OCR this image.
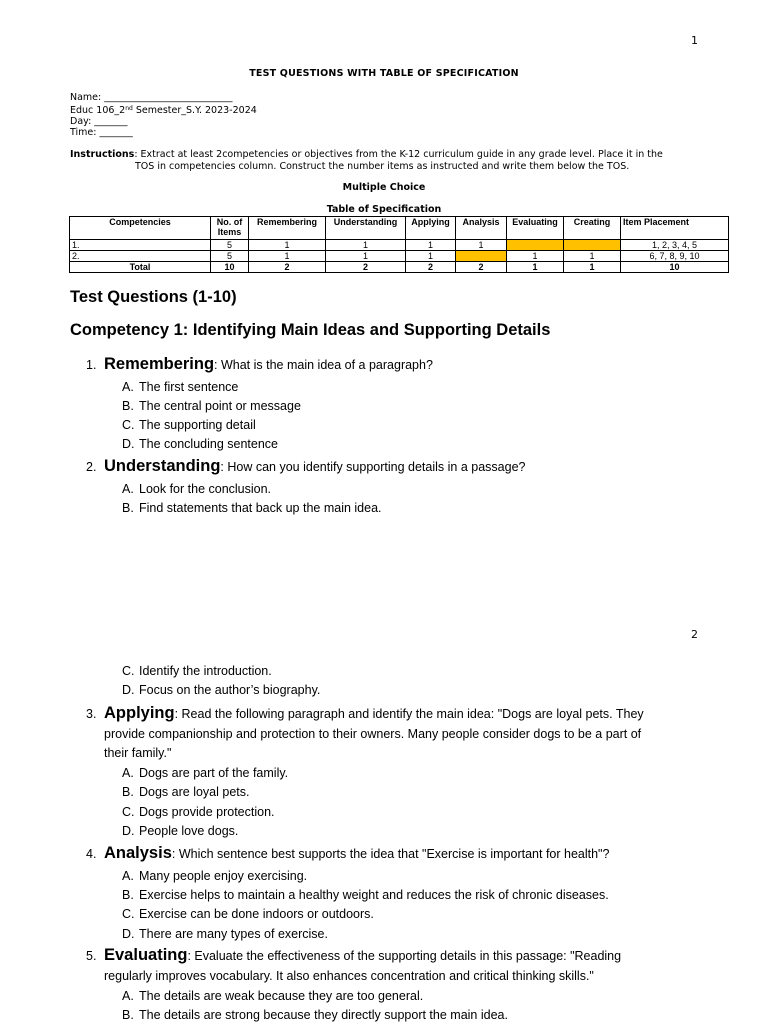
1
TEST QUESTIONS WITH TABLE OF SPECIFICATION
Name: ___________________________
Educ 106_2nd Semester_S.Y. 2023-2024
Day: _______
Time: _______
Instructions: Extract at least 2competencies or objectives from the K-12 curriculum guide in any grade level. Place it in the
TOS in competencies column. Construct the number items as instructed and write them below the TOS.
Multiple Choice
Table of Specification
Competencies	No. of Items	Remembering	Understanding	Applying	Analysis	Evaluating	Creating	Item Placement
1.	5	1	1	1	1			1, 2, 3, 4, 5
2.	5	1	1	1		1	1	6, 7, 8, 9, 10
Total	10	2	2	2	2	1	1	10
Test Questions (1-10)
Competency 1: Identifying Main Ideas and Supporting Details
1. Remembering: What is the main idea of a paragraph?
A. The first sentence
B. The central point or message
C. The supporting detail
D. The concluding sentence
2. Understanding: How can you identify supporting details in a passage?
A. Look for the conclusion.
B. Find statements that back up the main idea.
2
C. Identify the introduction.
D. Focus on the author’s biography.
3. Applying: Read the following paragraph and identify the main idea: "Dogs are loyal pets. They
provide companionship and protection to their owners. Many people consider dogs to be a part of
their family."
A. Dogs are part of the family.
B. Dogs are loyal pets.
C. Dogs provide protection.
D. People love dogs.
4. Analysis: Which sentence best supports the idea that "Exercise is important for health"?
A. Many people enjoy exercising.
B. Exercise helps to maintain a healthy weight and reduces the risk of chronic diseases.
C. Exercise can be done indoors or outdoors.
D. There are many types of exercise.
5. Evaluating: Evaluate the effectiveness of the supporting details in this passage: "Reading
regularly improves vocabulary. It also enhances concentration and critical thinking skills."
A. The details are weak because they are too general.
B. The details are strong because they directly support the main idea.
